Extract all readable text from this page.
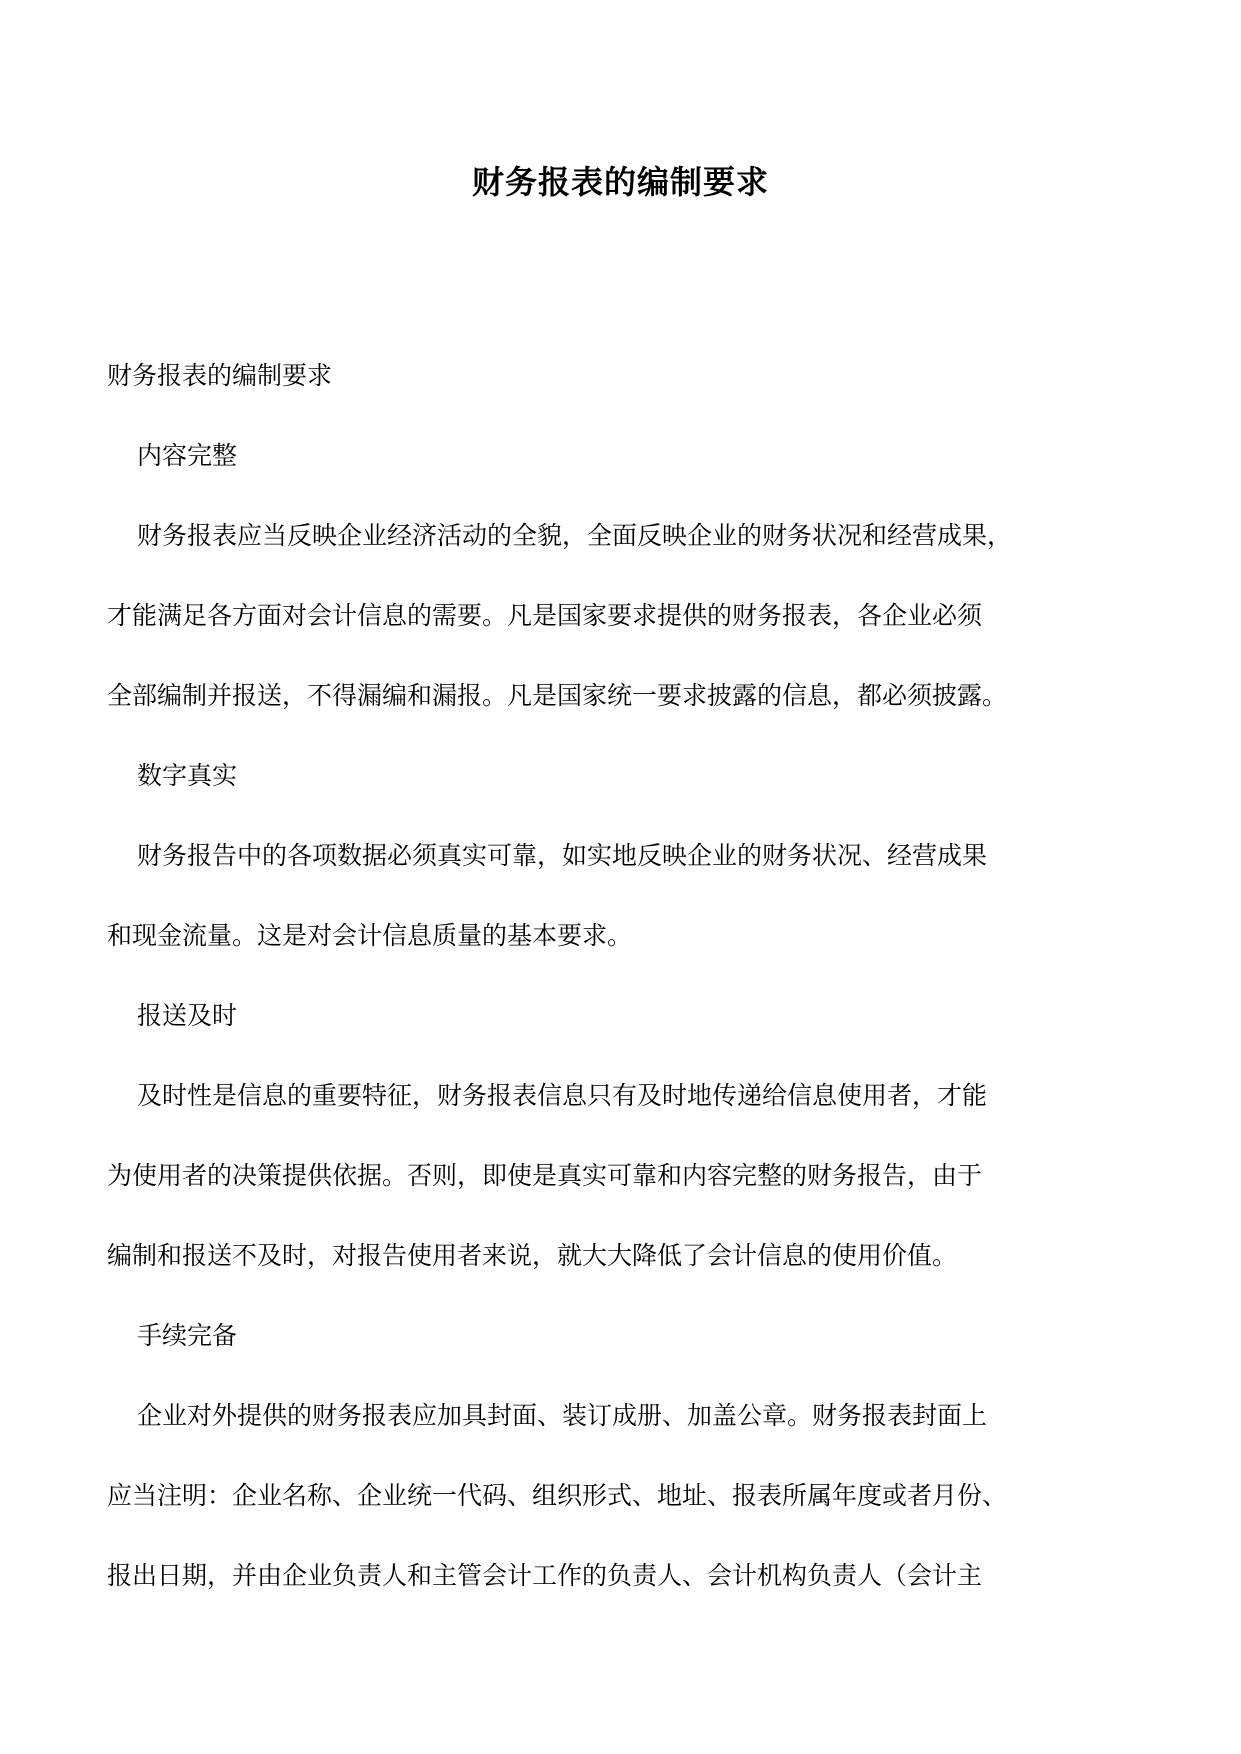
财务报表的编制要求
财务报表的编制要求
内容完整
财务报表应当反映企业经济活动的全貌，全面反映企业的财务状况和经营成果，
才能满足各方面对会计信息的需要。凡是国家要求提供的财务报表，各企业必须
全部编制并报送，不得漏编和漏报。凡是国家统一要求披露的信息，都必须披露。
数字真实
财务报告中的各项数据必须真实可靠，如实地反映企业的财务状况、经营成果
和现金流量。这是对会计信息质量的基本要求。
报送及时
及时性是信息的重要特征，财务报表信息只有及时地传递给信息使用者，才能
为使用者的决策提供依据。否则，即使是真实可靠和内容完整的财务报告，由于
编制和报送不及时，对报告使用者来说，就大大降低了会计信息的使用价值。
手续完备
企业对外提供的财务报表应加具封面、装订成册、加盖公章。财务报表封面上
应当注明：企业名称、企业统一代码、组织形式、地址、报表所属年度或者月份、
报出日期，并由企业负责人和主管会计工作的负责人、会计机构负责人（会计主
